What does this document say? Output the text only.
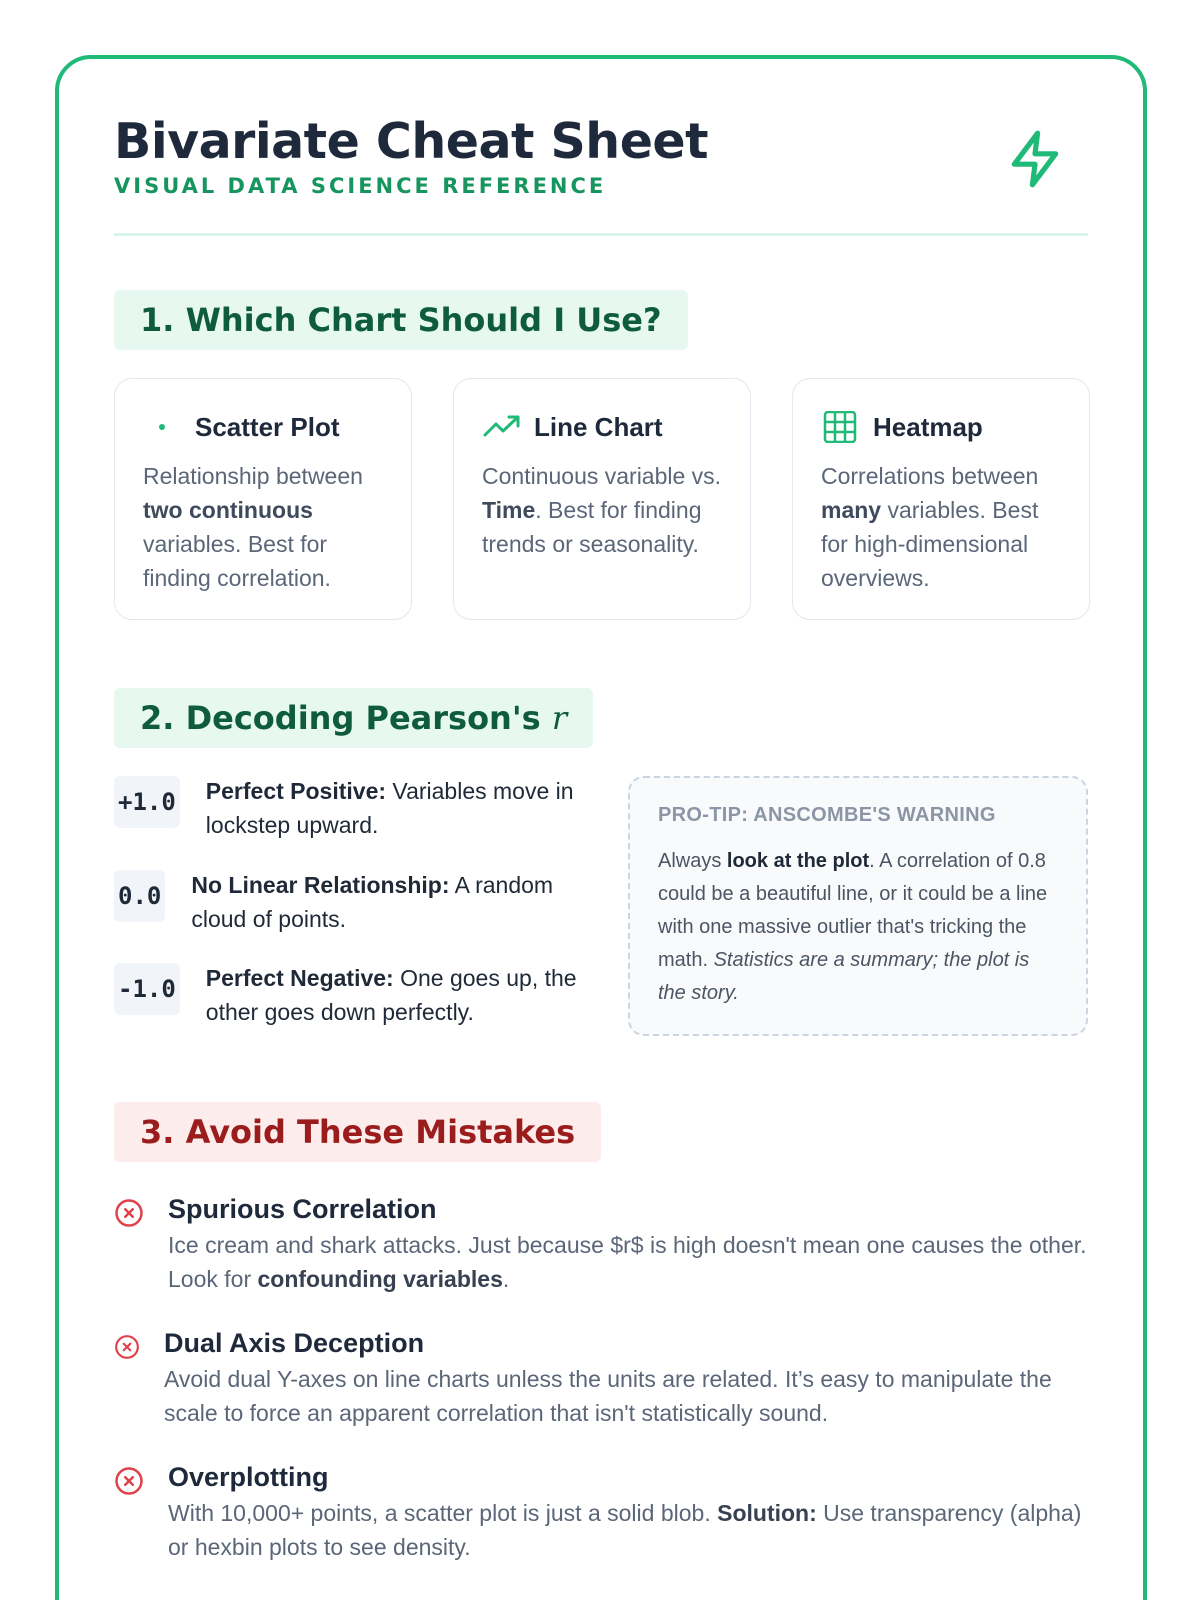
Bivariate Cheat Sheet
VISUAL DATA SCIENCE REFERENCE
1. Which Chart Should I Use?
Scatter Plot
Relationship between two continuous variables. Best for finding correlation.
Line Chart
Continuous variable vs. Time. Best for finding trends or seasonality.
Heatmap
Correlations between many variables. Best for high-dimensional overviews.
2. Decoding Pearson's r
+1.0 Perfect Positive: Variables move in lockstep upward.
0.0 No Linear Relationship: A random cloud of points.
-1.0 Perfect Negative: One goes up, the other goes down perfectly.
PRO-TIP: ANSCOMBE'S WARNING
Always look at the plot. A correlation of 0.8 could be a beautiful line, or it could be a line with one massive outlier that's tricking the math. Statistics are a summary; the plot is the story.
3. Avoid These Mistakes
Spurious Correlation
Ice cream and shark attacks. Just because $r$ is high doesn't mean one causes the other. Look for confounding variables.
Dual Axis Deception
Avoid dual Y-axes on line charts unless the units are related. It’s easy to manipulate the scale to force an apparent correlation that isn't statistically sound.
Overplotting
With 10,000+ points, a scatter plot is just a solid blob. Solution: Use transparency (alpha) or hexbin plots to see density.
